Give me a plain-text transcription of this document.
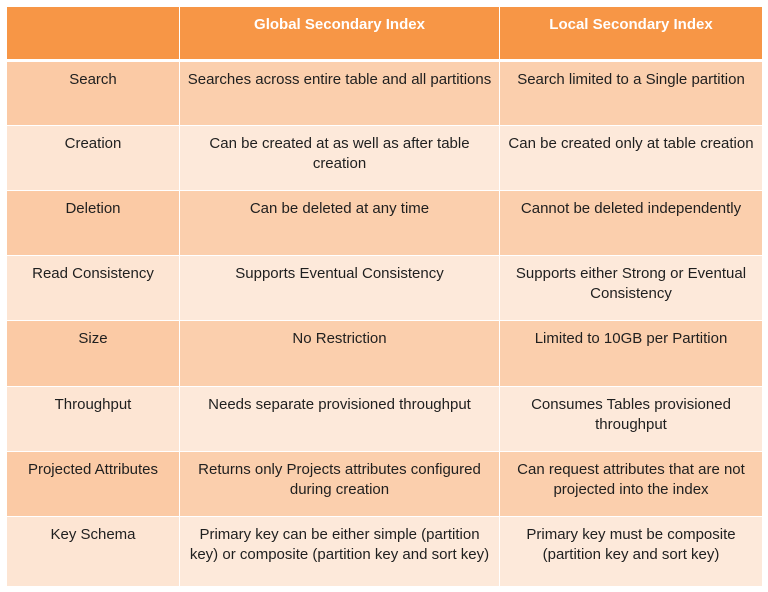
	Global Secondary Index	Local Secondary Index
Search	Searches across entire table and all partitions	Search limited to a Single partition
Creation	Can be created at as well as after table creation	Can be created only at table creation
Deletion	Can be deleted at any time	Cannot be deleted independently
Read Consistency	Supports Eventual Consistency	Supports either Strong or Eventual Consistency
Size	No Restriction	Limited to 10GB per Partition
Throughput	Needs separate provisioned throughput	Consumes Tables provisioned throughput
Projected Attributes	Returns only Projects attributes configured during creation	Can request attributes that are not projected into the index
Key Schema	Primary key can be either simple (partition key) or composite (partition key and sort key)	Primary key must be composite (partition key and sort key)
